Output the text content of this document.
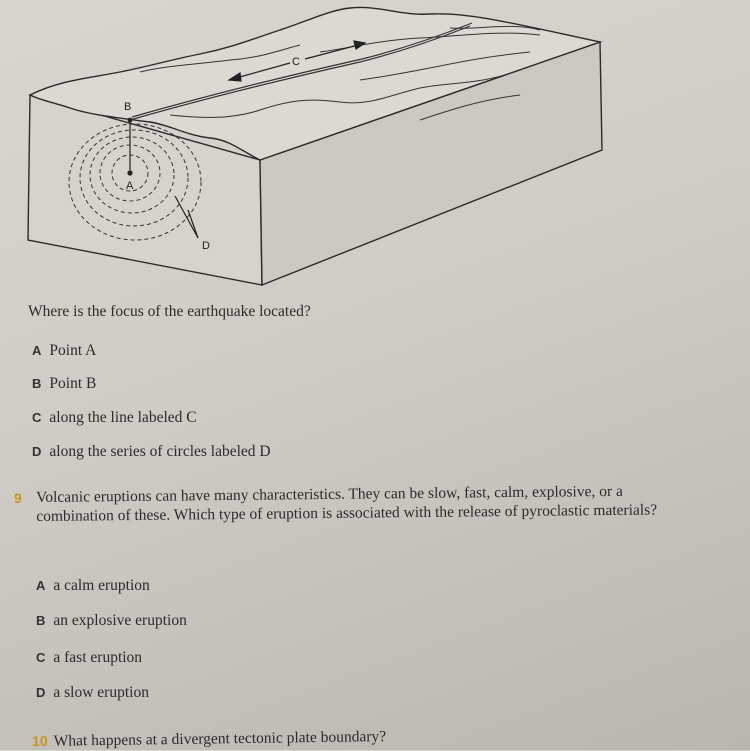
C
B
A
D
Where is the focus of the earthquake located?
A Point A
B Point B
C along the line labeled C
D along the series of circles labeled D
9 Volcanic eruptions can have many characteristics. They can be slow, fast, calm, explosive, or a combination of these. Which type of eruption is associated with the release of pyroclastic materials?
A a calm eruption
B an explosive eruption
C a fast eruption
D a slow eruption
10 What happens at a divergent tectonic plate boundary?
